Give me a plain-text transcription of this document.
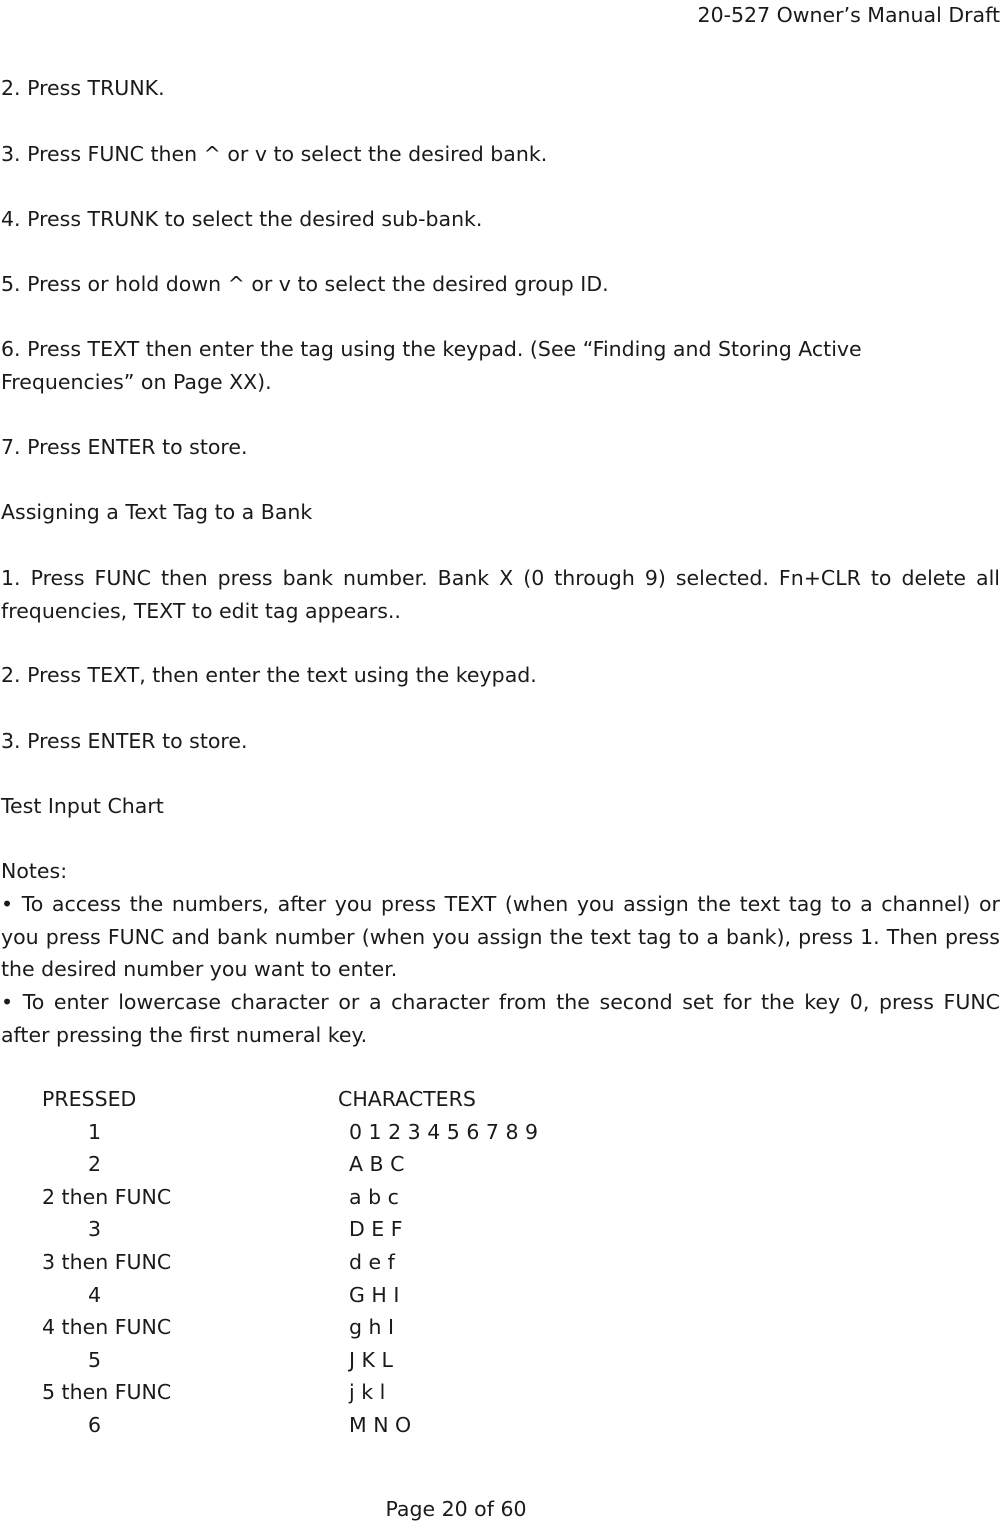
20-527 Owner’s Manual Draft

2. Press TRUNK.

3. Press FUNC then ^ or v to select the desired bank.

4. Press TRUNK to select the desired sub-bank.

5. Press or hold down ^ or v to select the desired group ID.

6. Press TEXT then enter the tag using the keypad. (See “Finding and Storing Active Frequencies” on Page XX).

7. Press ENTER to store.

Assigning a Text Tag to a Bank

1. Press FUNC then press bank number. Bank X (0 through 9) selected. Fn+CLR to delete all frequencies, TEXT to edit tag appears..

2. Press TEXT, then enter the text using the keypad.

3. Press ENTER to store.

Test Input Chart

Notes:

• To access the numbers, after you press TEXT (when you assign the text tag to a channel) or you press FUNC and bank number (when you assign the text tag to a bank), press 1. Then press the desired number you want to enter.

• To enter lowercase character or a character from the second set for the key 0, press FUNC after pressing the first numeral key.

PRESSED	CHARACTERS
1	0 1 2 3 4 5 6 7 8 9
2	A B C
2 then FUNC	a b c
3	D E F
3 then FUNC	d e f
4	G H I
4 then FUNC	g h I
5	J K L
5 then FUNC	j k l
6	M N O
Page 20 of 60
